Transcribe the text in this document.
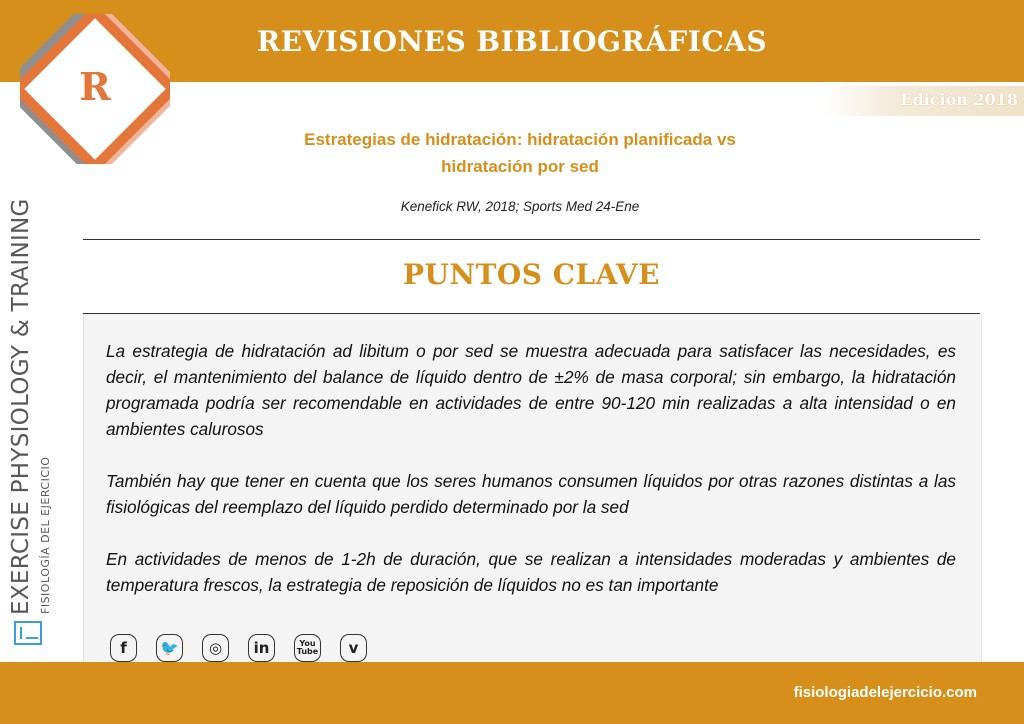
REVISIONES BIBLIOGRÁFICAS
R	Edición 2018
Estrategias de hidratación: hidratación planificada vs
hidratación por sed
Kenefick RW, 2018; Sports Med 24-Ene
PUNTOS CLAVE

La estrategia de hidratación ad libitum o por sed se muestra adecuada para satisfacer las necesidades, es decir, el mantenimiento del balance de líquido dentro de ±2% de masa corporal; sin embargo, la hidratación programada podría ser recomendable en actividades de entre 90-120 min realizadas a alta intensidad o en ambientes calurosos

También hay que tener en cuenta que los seres humanos consumen líquidos por otras razones distintas a las fisiológicas del reemplazo del líquido perdido determinado por la sed

En actividades de menos de 1-2h de duración, que se realizan a intensidades moderadas y ambientes de temperatura frescos, la estrategia de reposición de líquidos no es tan importante

f	🐦	◎	in	You
Tube	v
EXERCISE PHYSIOLOGY & TRAINING FISIOLOGÍA DEL EJERCICIO
fisiologiadelejercicio.com
